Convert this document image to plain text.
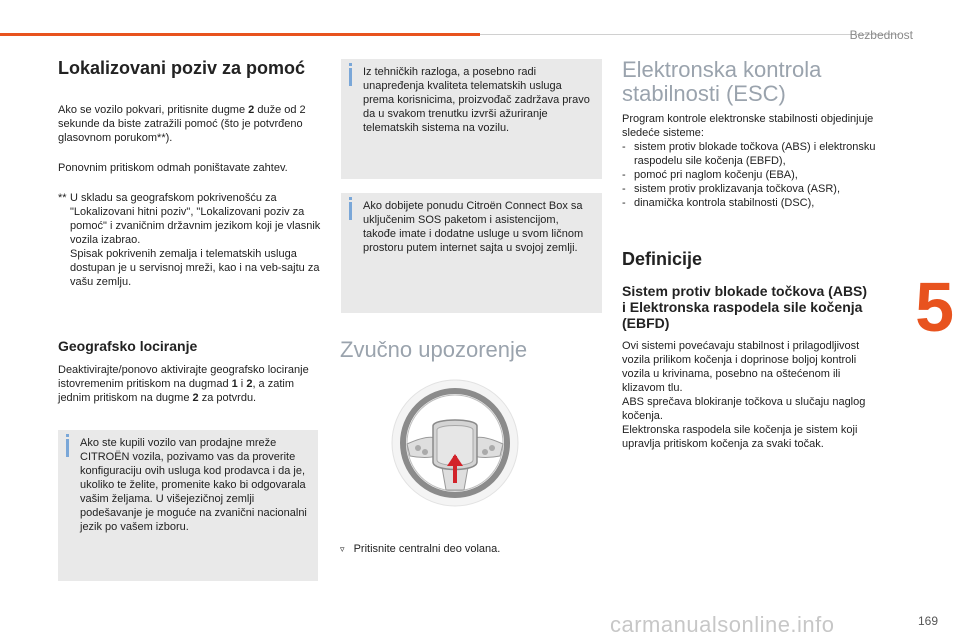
Bezbednost
5
Lokalizovani poziv za pomoć

Ako se vozilo pokvari, pritisnite dugme 2 duže od 2 sekunde da biste zatražili pomoć (što je potvrđeno glasovnom porukom**).

Ponovnim pritiskom odmah poništavate zahtev.

** U skladu sa geografskom pokrivenošću za "Lokalizovani hitni poziv", "Lokalizovani poziv za pomoć" i zvaničnim državnim jezikom koji je vlasnik vozila izabrao.

Spisak pokrivenih zemalja i telematskih usluga dostupan je u servisnoj mreži, kao i na veb-sajtu za vašu zemlju.

Geografsko lociranje

Deaktivirajte/ponovo aktivirajte geografsko lociranje istovremenim pritiskom na dugmad 1 i 2, a zatim jednim pritiskom na dugme 2 za potvrdu.

Ako ste kupili vozilo van prodajne mreže CITROËN vozila, pozivamo vas da proverite konfiguraciju ovih usluga kod prodavca i da je, ukoliko te želite, promenite kako bi odgovarala vašim željama. U višejezičnoj zemlji podešavanje je moguće na zvanični nacionalni jezik po vašem izboru.
Iz tehničkih razloga, a posebno radi unapređenja kvaliteta telematskih usluga prema korisnicima, proizvođač zadržava pravo da u svakom trenutku izvrši ažuriranje telematskih sistema na vozilu.
Ako dobijete ponudu Citroën Connect Box sa uključenim SOS paketom i asistencijom, takođe imate i dodatne usluge u svom ličnom prostoru putem internet sajta u svojoj zemlji.
Zvučno upozorenje
▿ Pritisnite centralni deo volana.
Elektronska kontrola stabilnosti (ESC)

Program kontrole elektronske stabilnosti objedinjuje sledeće sisteme:

- sistem protiv blokade točkova (ABS) i elektronsku raspodelu sile kočenja (EBFD),

- pomoć pri naglom kočenju (EBA),

- sistem protiv proklizavanja točkova (ASR),

- dinamička kontrola stabilnosti (DSC),

Definicije
Sistem protiv blokade točkova (ABS) i Elektronska raspodela sile kočenja (EBFD)

Ovi sistemi povećavaju stabilnost i prilagodljivost vozila prilikom kočenja i doprinose boljoj kontroli vozila u krivinama, posebno na oštećenom ili klizavom tlu.

ABS sprečava blokiranje točkova u slučaju naglog kočenja.

Elektronska raspodela sile kočenja je sistem koji upravlja pritiskom kočenja za svaki točak.

carmanualsonline.info	169
